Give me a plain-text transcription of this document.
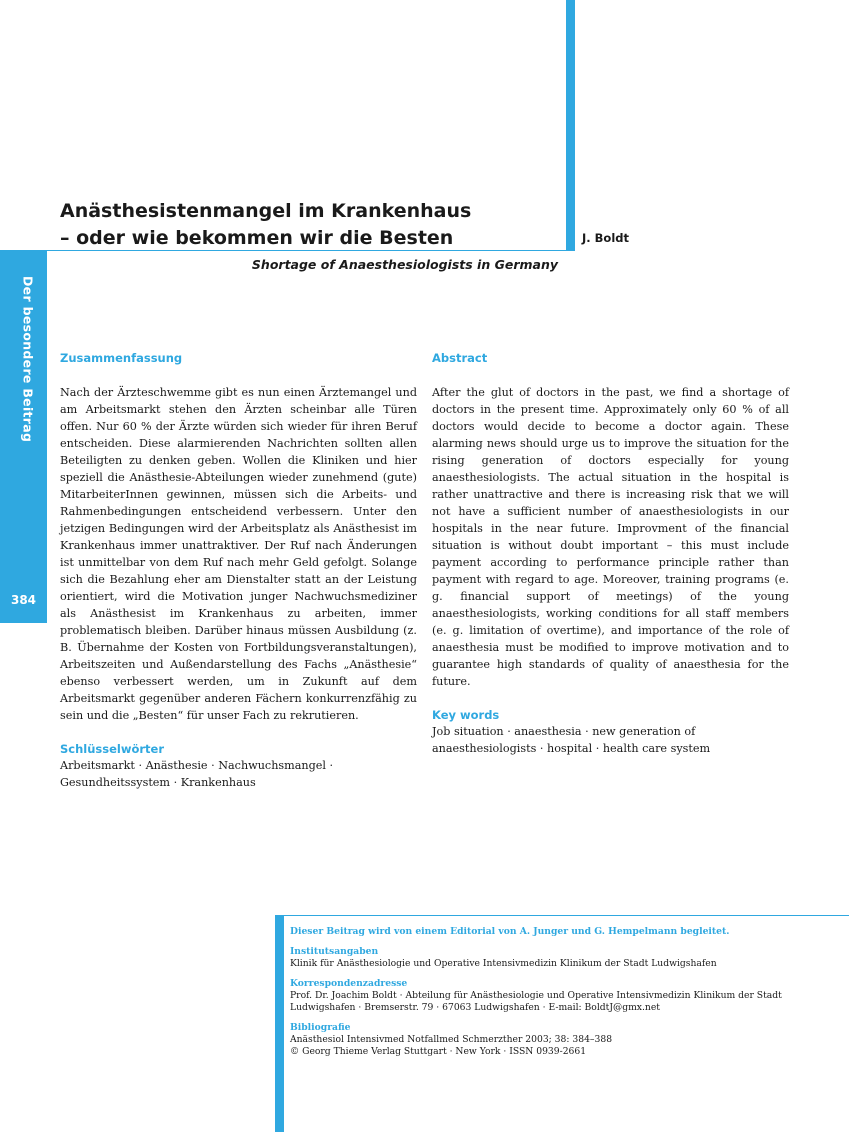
Der besondere Beitrag
384
Anästhesistenmangel im Krankenhaus
– oder wie bekommen wir die Besten	J. Boldt
Shortage of Anaesthesiologists in Germany
Zusammenfassung

Nach der Ärzteschwemme gibt es nun einen Ärztemangel und am Arbeitsmarkt stehen den Ärzten scheinbar alle Türen offen. Nur 60 % der Ärzte würden sich wieder für ihren Beruf entscheiden. Diese alarmierenden Nachrichten sollten allen Beteiligten zu denken geben. Wollen die Kliniken und hier speziell die Anästhesie-Abteilungen wieder zunehmend (gute) MitarbeiterInnen gewinnen, müssen sich die Arbeits- und Rahmenbedingungen entscheidend verbessern. Unter den jetzigen Bedingungen wird der Arbeitsplatz als Anästhesist im Krankenhaus immer unattraktiver. Der Ruf nach Änderungen ist unmittelbar von dem Ruf nach mehr Geld gefolgt. Solange sich die Bezahlung eher am Dienstalter statt an der Leistung orientiert, wird die Motivation junger Nachwuchsmediziner als Anästhesist im Krankenhaus zu arbeiten, immer problematisch bleiben. Darüber hinaus müssen Ausbildung (z. B. Übernahme der Kosten von Fortbildungsveranstaltungen), Arbeitszeiten und Außendarstellung des Fachs „Anästhesie“ ebenso verbessert werden, um in Zukunft auf dem Arbeitsmarkt gegenüber anderen Fächern konkurrenzfähig zu sein und die „Besten“ für unser Fach zu rekrutieren.

Schlüsselwörter

Arbeitsmarkt · Anästhesie · Nachwuchsmangel · Gesundheitssystem · Krankenhaus

Abstract

After the glut of doctors in the past, we find a shortage of doctors in the present time. Approximately only 60 % of all doctors would decide to become a doctor again. These alarming news should urge us to improve the situation for the rising generation of doctors especially for young anaesthesiologists. The actual situation in the hospital is rather unattractive and there is increasing risk that we will not have a sufficient number of anaesthesiologists in our hospitals in the near future. Improvment of the financial situation is without doubt important – this must include payment according to performance principle rather than payment with regard to age. Moreover, training programs (e. g. financial support of meetings) of the young anaesthesiologists, working conditions for all staff members (e. g. limitation of overtime), and importance of the role of anaesthesia must be modified to improve motivation and to guarantee high standards of quality of anaesthesia for the future.

Key words

Job situation · anaesthesia · new generation of anaesthesiologists · hospital · health care system

Dieser Beitrag wird von einem Editorial von A. Junger und G. Hempelmann begleitet.

Institutsangaben

Klinik für Anästhesiologie und Operative Intensivmedizin Klinikum der Stadt Ludwigshafen

Korrespondenzadresse

Prof. Dr. Joachim Boldt · Abteilung für Anästhesiologie und Operative Intensivmedizin Klinikum der Stadt
Ludwigshafen · Bremserstr. 79 · 67063 Ludwigshafen · E-mail: BoldtJ@gmx.net

Bibliografie

Anästhesiol Intensivmed Notfallmed Schmerzther 2003; 38: 384–388
© Georg Thieme Verlag Stuttgart · New York · ISSN 0939-2661
